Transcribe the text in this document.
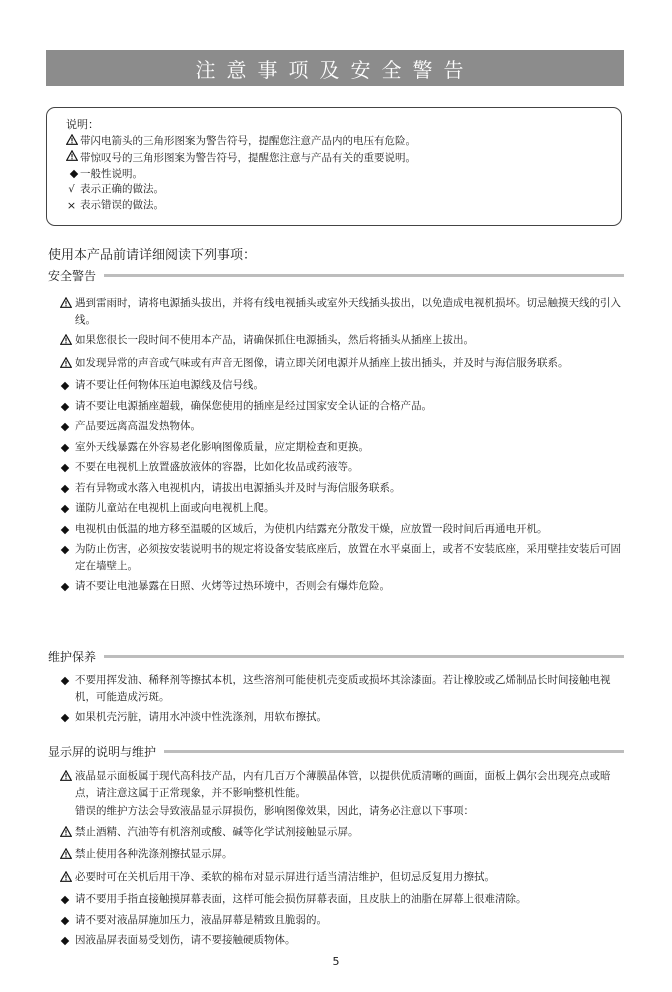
注意事项及安全警告
说明：
带闪电箭头的三角形图案为警告符号，提醒您注意产品内的电压有危险。
带惊叹号的三角形图案为警告符号，提醒您注意与产品有关的重要说明。
一般性说明。
√ 表示正确的做法。
× 表示错误的做法。
使用本产品前请详细阅读下列事项：
安全警告
遇到雷雨时，请将电源插头拔出，并将有线电视插头或室外天线插头拔出，以免造成电视机损坏。切忌触摸天线的引入线。
如果您很长一段时间不使用本产品，请确保抓住电源插头，然后将插头从插座上拔出。
如发现异常的声音或气味或有声音无图像，请立即关闭电源并从插座上拔出插头，并及时与海信服务联系。
请不要让任何物体压迫电源线及信号线。
请不要让电源插座超载，确保您使用的插座是经过国家安全认证的合格产品。
产品要远离高温发热物体。
室外天线暴露在外容易老化影响图像质量，应定期检查和更换。
不要在电视机上放置盛放液体的容器，比如化妆品或药液等。
若有异物或水落入电视机内，请拔出电源插头并及时与海信服务联系。
谨防儿童站在电视机上面或向电视机上爬。
电视机由低温的地方移至温暖的区域后，为使机内结露充分散发干燥，应放置一段时间后再通电开机。
为防止伤害，必须按安装说明书的规定将设备安装底座后，放置在水平桌面上，或者不安装底座，采用壁挂安装后可固定在墙壁上。
请不要让电池暴露在日照、火烤等过热环境中，否则会有爆炸危险。
维护保养
不要用挥发油、稀释剂等擦拭本机，这些溶剂可能使机壳变质或损坏其涂漆面。若让橡胶或乙烯制品长时间接触电视机，可能造成污斑。
如果机壳污脏，请用水冲淡中性洗涤剂，用软布擦拭。
显示屏的说明与维护
液晶显示面板属于现代高科技产品，内有几百万个薄膜晶体管，以提供优质清晰的画面，面板上偶尔会出现亮点或暗点，请注意这属于正常现象，并不影响整机性能。
错误的维护方法会导致液晶显示屏损伤，影响图像效果，因此，请务必注意以下事项：
禁止酒精、汽油等有机溶剂或酸、碱等化学试剂接触显示屏。
禁止使用各种洗涤剂擦拭显示屏。
必要时可在关机后用干净、柔软的棉布对显示屏进行适当清洁维护，但切忌反复用力擦拭。
请不要用手指直接触摸屏幕表面，这样可能会损伤屏幕表面，且皮肤上的油脂在屏幕上很难清除。
请不要对液晶屏施加压力，液晶屏幕是精致且脆弱的。
因液晶屏表面易受划伤，请不要接触硬质物体。
5
